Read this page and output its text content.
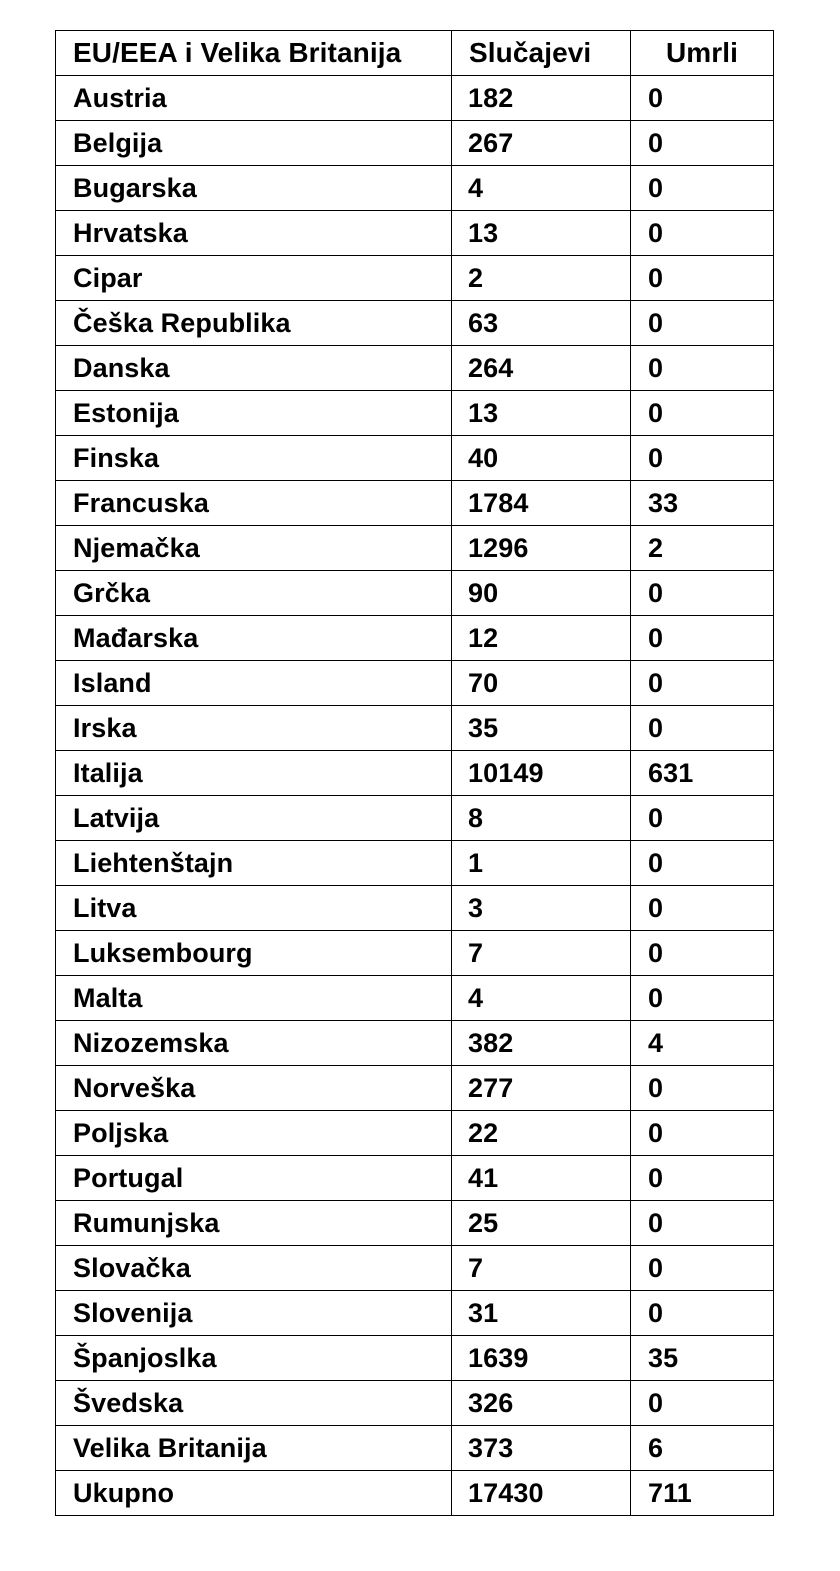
EU/EEA i Velika Britanija	Slučajevi	Umrli
Austria	182	0
Belgija	267	0
Bugarska	4	0
Hrvatska	13	0
Cipar	2	0
Češka Republika	63	0
Danska	264	0
Estonija	13	0
Finska	40	0
Francuska	1784	33
Njemačka	1296	2
Grčka	90	0
Mađarska	12	0
Island	70	0
Irska	35	0
Italija	10149	631
Latvija	8	0
Liehtenštajn	1	0
Litva	3	0
Luksembourg	7	0
Malta	4	0
Nizozemska	382	4
Norveška	277	0
Poljska	22	0
Portugal	41	0
Rumunjska	25	0
Slovačka	7	0
Slovenija	31	0
Španjoslka	1639	35
Švedska	326	0
Velika Britanija	373	6
Ukupno	17430	711
